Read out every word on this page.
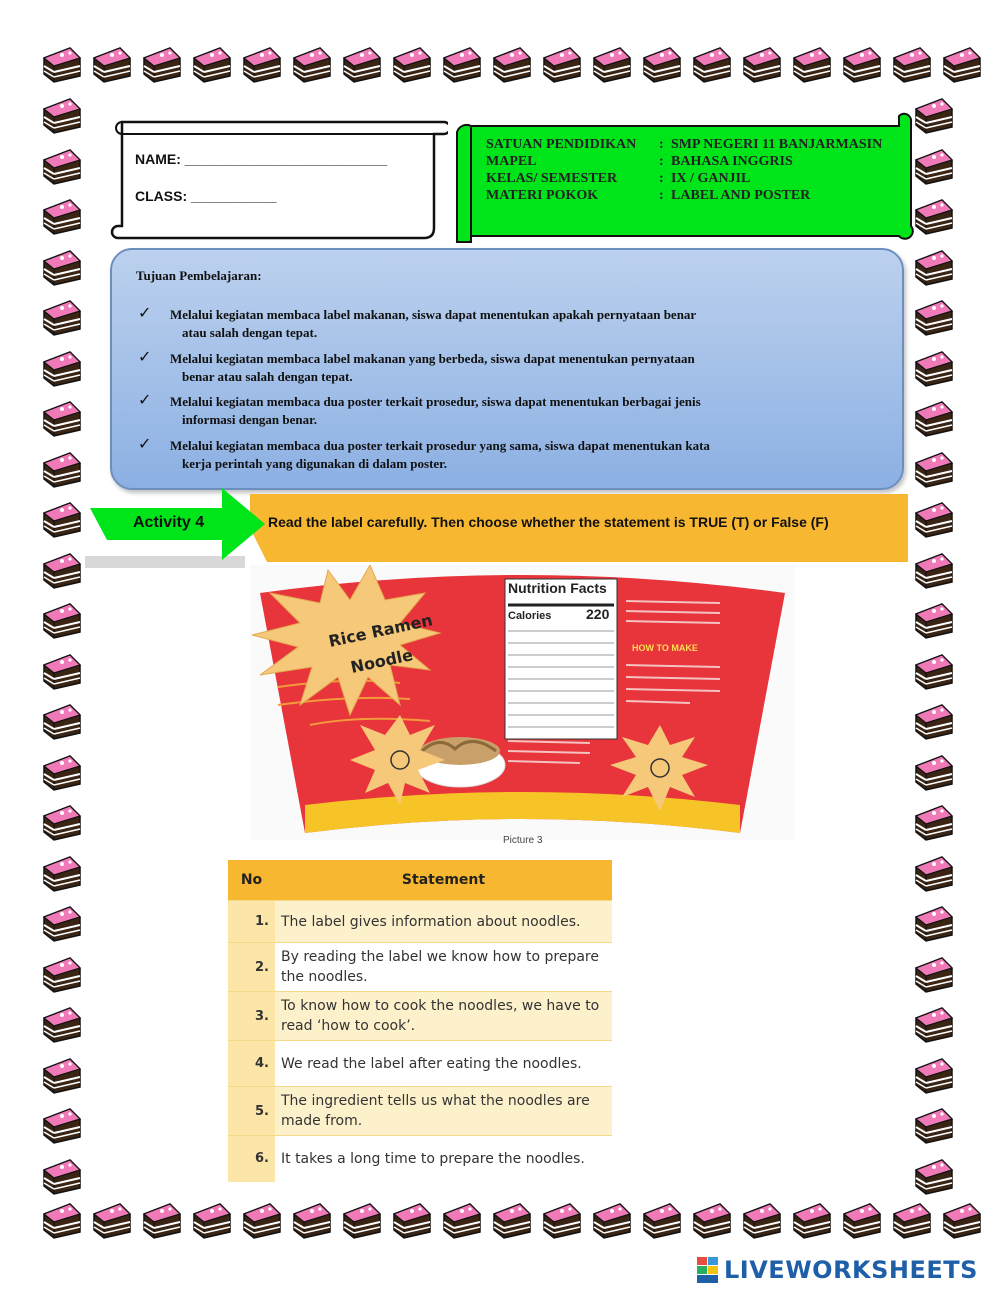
NAME: __________________________
CLASS: ___________
SATUAN PENDIDIKAN : SMP NEGERI 11 BANJARMASIN
MAPEL	: BAHASA INGGRIS
KELAS/ SEMESTER	: IX / GANJIL
MATERI POKOK	: LABEL AND POSTER
Tujuan Pembelajaran:
✓	Melalui kegiatan membaca label makanan, siswa dapat menentukan apakah pernyataan benar
atau salah dengan tepat.
✓	Melalui kegiatan membaca label makanan yang berbeda, siswa dapat menentukan pernyataan
benar atau salah dengan tepat.
✓	Melalui kegiatan membaca dua poster terkait prosedur, siswa dapat menentukan berbagai jenis
informasi dengan benar.
✓	Melalui kegiatan membaca dua poster terkait prosedur yang sama, siswa dapat menentukan kata
kerja perintah yang digunakan di dalam poster.
Activity 4	Read the label carefully. Then choose whether the statement is TRUE (T) or False (F)
Nutrition Facts
Calories 220
HOW TO MAKE
Rice Ramen
Noodle
Picture 3
No	Statement
1.	The label gives information about noodles.
2.	By reading the label we know how to prepare the noodles.
3.	To know how to cook the noodles, we have to read ‘how to cook’.
4.	We read the label after eating the noodles.
5.	The ingredient tells us what the noodles are made from.
6.	It takes a long time to prepare the noodles.
LIVEWORKSHEETS
